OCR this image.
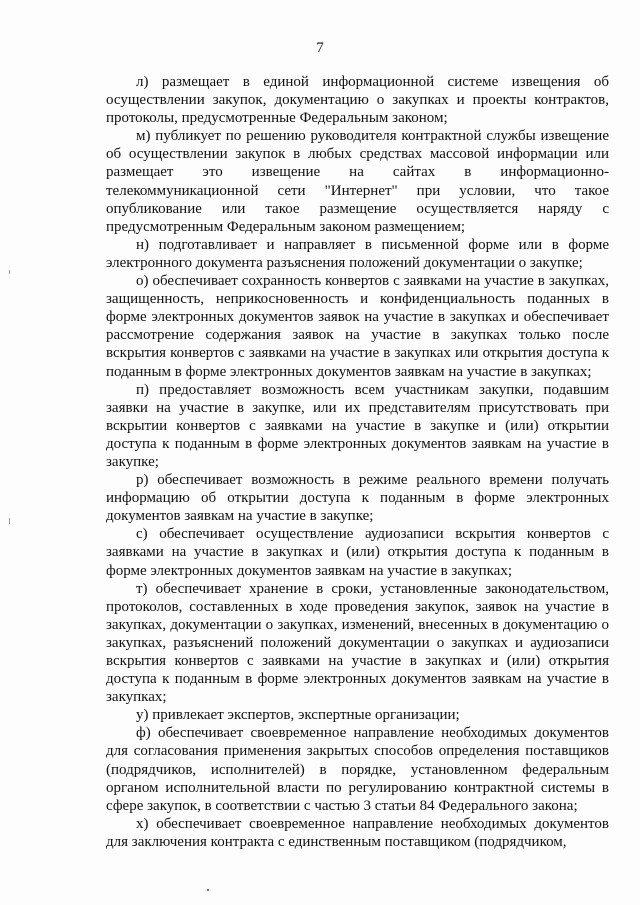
7

л) размещает в единой информационной системе извещения об осуществлении закупок, документацию о закупках и проекты контрактов, протоколы, предусмотренные Федеральным законом;

м) публикует по решению руководителя контрактной службы извещение об осуществлении закупок в любых средствах массовой информации или размещает это извещение на сайтах в информационно-телекоммуникационной сети "Интернет" при условии, что такое опубликование или такое размещение осуществляется наряду с предусмотренным Федеральным законом размещением;

н) подготавливает и направляет в письменной форме или в форме электронного документа разъяснения положений документации о закупке;

о) обеспечивает сохранность конвертов с заявками на участие в закупках, защищенность, неприкосновенность и конфиденциальность поданных в форме электронных документов заявок на участие в закупках и обеспечивает рассмотрение содержания заявок на участие в закупках только после вскрытия конвертов с заявками на участие в закупках или открытия доступа к поданным в форме электронных документов заявкам на участие в закупках;

п) предоставляет возможность всем участникам закупки, подавшим заявки на участие в закупке, или их представителям присутствовать при вскрытии конвертов с заявками на участие в закупке и (или) открытии доступа к поданным в форме электронных документов заявкам на участие в закупке;

р) обеспечивает возможность в режиме реального времени получать информацию об открытии доступа к поданным в форме электронных документов заявкам на участие в закупке;

с) обеспечивает осуществление аудиозаписи вскрытия конвертов с заявками на участие в закупках и (или) открытия доступа к поданным в форме электронных документов заявкам на участие в закупках;

т) обеспечивает хранение в сроки, установленные законодательством, протоколов, составленных в ходе проведения закупок, заявок на участие в закупках, документации о закупках, изменений, внесенных в документацию о закупках, разъяснений положений документации о закупках и аудиозаписи вскрытия конвертов с заявками на участие в закупках и (или) открытия доступа к поданным в форме электронных документов заявкам на участие в закупках;

у) привлекает экспертов, экспертные организации;

ф) обеспечивает своевременное направление необходимых документов для согласования применения закрытых способов определения поставщиков (подрядчиков, исполнителей) в порядке, установленном федеральным органом исполнительной власти по регулированию контрактной системы в сфере закупок, в соответствии с частью 3 статьи 84 Федерального закона;

х) обеспечивает своевременное направление необходимых документов для заключения контракта с единственным поставщиком (подрядчиком,
